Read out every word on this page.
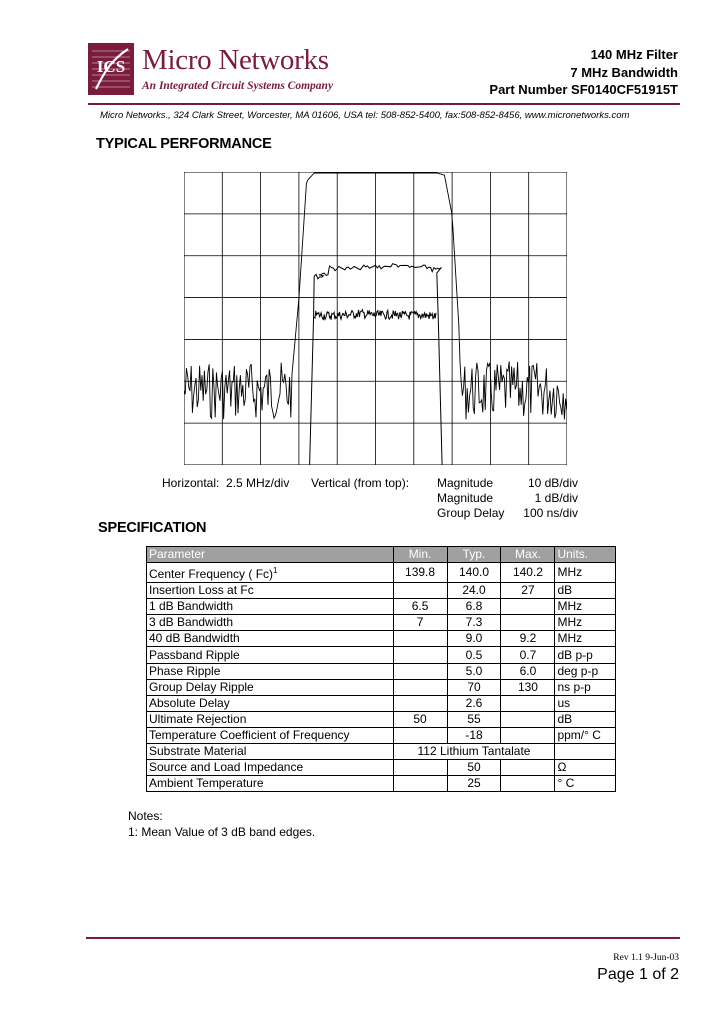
ICS Micro Networks
An Integrated Circuit Systems Company
140 MHz Filter
7 MHz Bandwidth
Part Number SF0140CF51915T
Micro Networks., 324 Clark Street, Worcester, MA 01606, USA tel: 508-852-5400, fax:508-852-8456, www.micronetworks.com
TYPICAL PERFORMANCE
Horizontal: 2.5 MHz/div Vertical (from top): Magnitude
Magnitude
Group Delay
10 dB/div
1 dB/div
100 ns/div
SPECIFICATION
Parameter	Min.	Typ.	Max.	Units.
Center Frequency ( Fc)$^1$	139.8	140.0	140.2	MHz
Insertion Loss at Fc		24.0	27	dB
1 dB Bandwidth	6.5	6.8		MHz
3 dB Bandwidth	7	7.3		MHz
40 dB Bandwidth		9.0	9.2	MHz
Passband Ripple		0.5	0.7	dB p-p
Phase Ripple		5.0	6.0	deg p-p
Group Delay Ripple		70	130	ns p-p
Absolute Delay		2.6		us
Ultimate Rejection	50	55		dB
Temperature Coefficient of Frequency		-18		ppm/° C
Substrate Material	112 Lithium Tantalate			
Source and Load Impedance		50		Ω
Ambient Temperature		25		° C
Notes:
1: Mean Value of 3 dB band edges.
Rev 1.1 9-Jun-03
Page 1 of 2
